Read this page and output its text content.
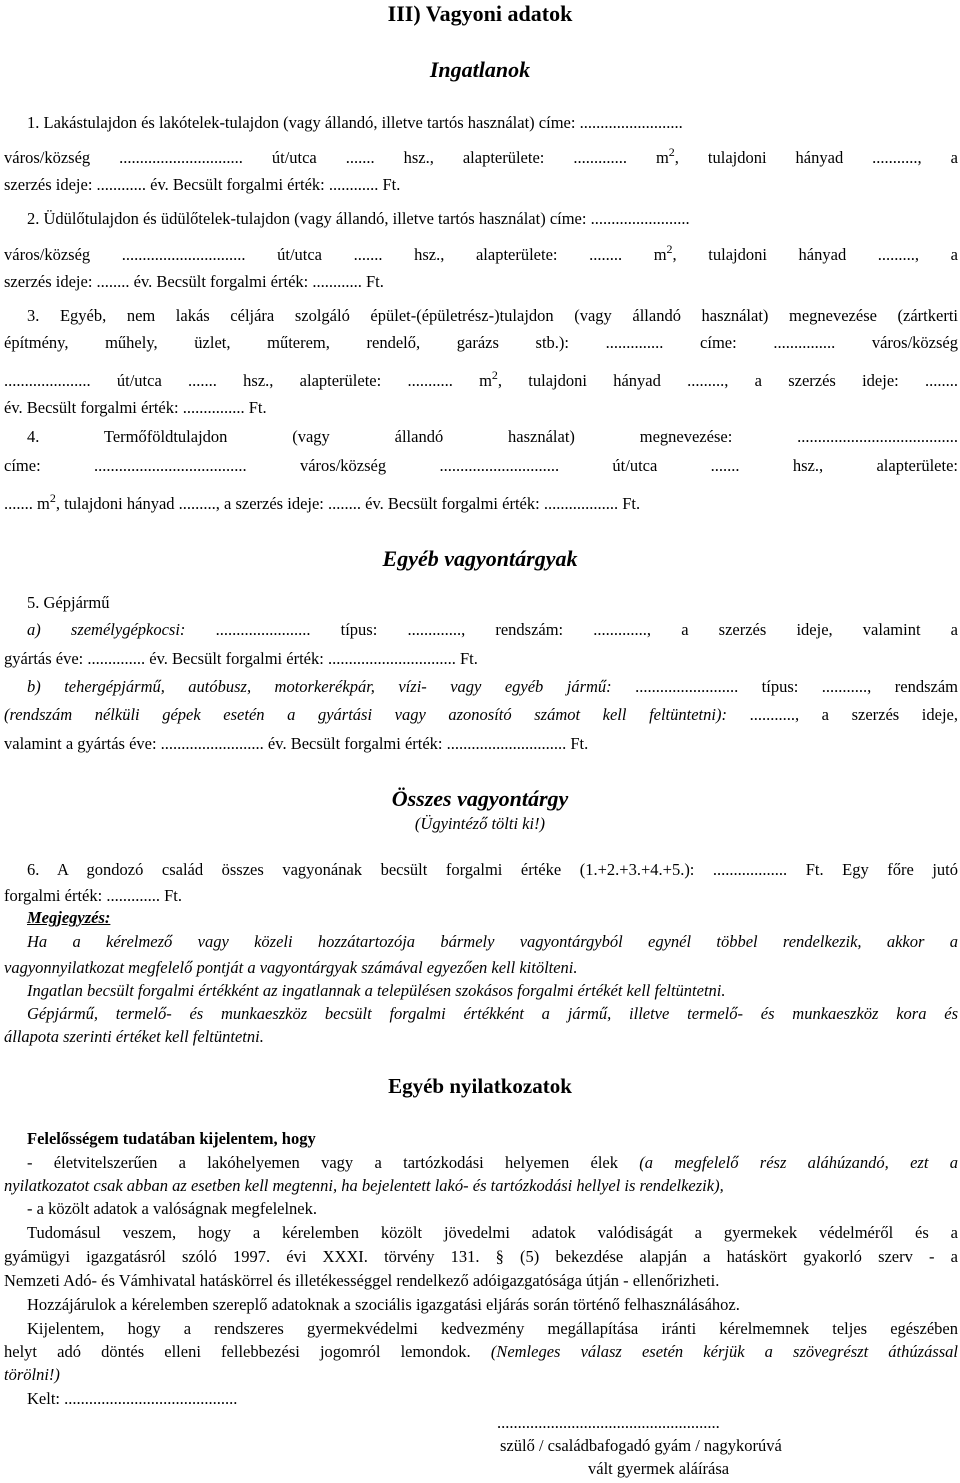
III) Vagyoni adatok
Ingatlanok
1. Lakástulajdon és lakótelek-tulajdon (vagy állandó, illetve tartós használat) címe: .........................
város/község .............................. út/utca ....... hsz., alapterülete: ............. $m^2$, tulajdoni hányad ..........., a
szerzés ideje: ............ év. Becsült forgalmi érték: ............ Ft.
2. Üdülőtulajdon és üdülőtelek-tulajdon (vagy állandó, illetve tartós használat) címe: ........................
város/község .............................. út/utca ....... hsz., alapterülete: ........ $m^2$, tulajdoni hányad ........., a
szerzés ideje: ........ év. Becsült forgalmi érték: ............ Ft.
3. Egyéb, nem lakás céljára szolgáló épület-(épületrész-)tulajdon (vagy állandó használat) megnevezése (zártkerti
építmény, műhely, üzlet, műterem, rendelő, garázs stb.): .............. címe: ............... város/község
..................... út/utca ....... hsz., alapterülete: ........... $m^2$, tulajdoni hányad ........., a szerzés ideje: ........
év. Becsült forgalmi érték: ............... Ft.
4. Termőföldtulajdon (vagy állandó használat) megnevezése: .......................................
címe: ..................................... város/község ............................. út/utca ....... hsz., alapterülete:
....... $m^2$, tulajdoni hányad ........., a szerzés ideje: ........ év. Becsült forgalmi érték: .................. Ft.
Egyéb vagyontárgyak
5. Gépjármű
a) személygépkocsi: ....................... típus: ............., rendszám: ............., a szerzés ideje, valamint a
gyártás éve: .............. év. Becsült forgalmi érték: ............................... Ft.
b) tehergépjármű, autóbusz, motorkerékpár, vízi- vagy egyéb jármű: ......................... típus: ..........., rendszám
(rendszám nélküli gépek esetén a gyártási vagy azonosító számot kell feltüntetni): ..........., a szerzés ideje,
valamint a gyártás éve: ......................... év. Becsült forgalmi érték: ............................. Ft.
Összes vagyontárgy
(Ügyintéző tölti ki!)
6. A gondozó család összes vagyonának becsült forgalmi értéke (1.+2.+3.+4.+5.): .................. Ft. Egy főre jutó
forgalmi érték: ............. Ft.
Megjegyzés:
Ha a kérelmező vagy közeli hozzátartozója bármely vagyontárgyból egynél többel rendelkezik, akkor a
vagyonnyilatkozat megfelelő pontját a vagyontárgyak számával egyezően kell kitölteni.
Ingatlan becsült forgalmi értékként az ingatlannak a településen szokásos forgalmi értékét kell feltüntetni.
Gépjármű, termelő- és munkaeszköz becsült forgalmi értékként a jármű, illetve termelő- és munkaeszköz kora és
állapota szerinti értéket kell feltüntetni.
Egyéb nyilatkozatok
Felelősségem tudatában kijelentem, hogy
- életvitelszerűen a lakóhelyemen vagy a tartózkodási helyemen élek (a megfelelő rész aláhúzandó, ezt a
nyilatkozatot csak abban az esetben kell megtenni, ha bejelentett lakó- és tartózkodási hellyel is rendelkezik),
- a közölt adatok a valóságnak megfelelnek.
Tudomásul veszem, hogy a kérelemben közölt jövedelmi adatok valódiságát a gyermekek védelméről és a
gyámügyi igazgatásról szóló 1997. évi XXXI. törvény 131. § (5) bekezdése alapján a hatáskört gyakorló szerv - a
Nemzeti Adó- és Vámhivatal hatáskörrel és illetékességgel rendelkező adóigazgatósága útján - ellenőrizheti.
Hozzájárulok a kérelemben szereplő adatoknak a szociális igazgatási eljárás során történő felhasználásához.
Kijelentem, hogy a rendszeres gyermekvédelmi kedvezmény megállapítása iránti kérelmemnek teljes egészében
helyt adó döntés elleni fellebbezési jogomról lemondok. (Nemleges válasz esetén kérjük a szövegrészt áthúzással
törölni!)
Kelt: ..........................................
......................................................
szülő / családbafogadó gyám / nagykorúvá
vált gyermek aláírása
